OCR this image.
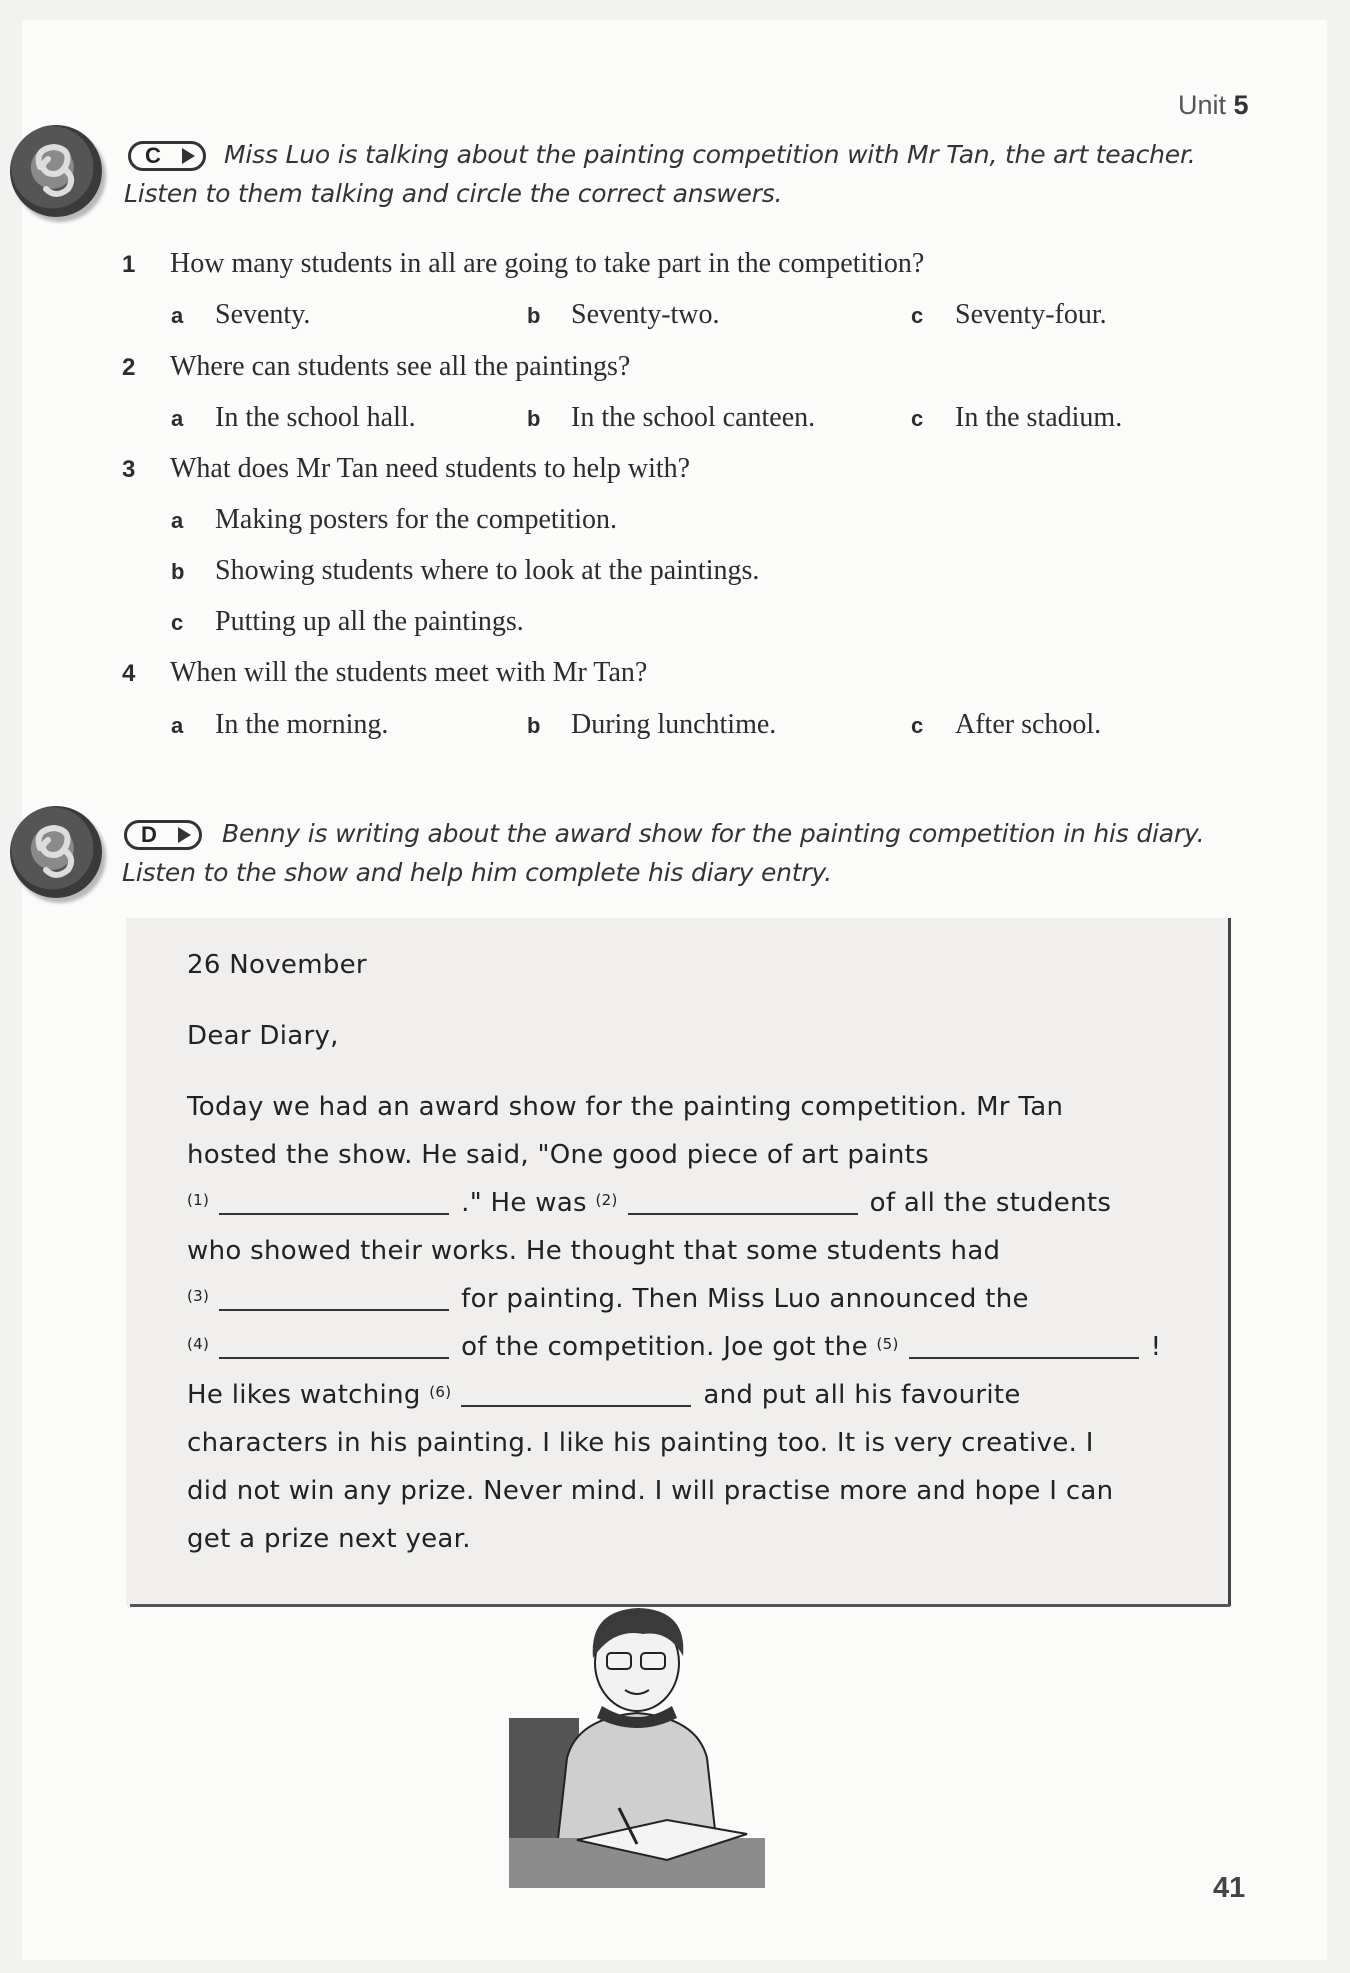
Unit 5
C	Miss Luo is talking about the painting competition with Mr Tan, the art teacher.
Listen to them talking and circle the correct answers.
1 How many students in all are going to take part in the competition?
a Seventy.	b Seventy-two.	c Seventy-four.
2 Where can students see all the paintings?
a In the school hall.	b In the school canteen.	c In the stadium.
3 What does Mr Tan need students to help with?
a Making posters for the competition.
b Showing students where to look at the paintings.
c Putting up all the paintings.
4 When will the students meet with Mr Tan?
a In the morning.	b During lunchtime.	c After school.
D	Benny is writing about the award show for the painting competition in his diary.
Listen to the show and help him complete his diary entry.
26 November
Dear Diary,
Today we had an award show for the painting competition. Mr Tan
hosted the show. He said, "One good piece of art paints
$^{(1)}$	." He was $^{(2)}$	of all the students
who showed their works. He thought that some students had
$^{(3)}$	for painting. Then Miss Luo announced the
$^{(4)}$	of the competition. Joe got the $^{(5)}$	!
He likes watching $^{(6)}$	and put all his favourite
characters in his painting. I like his painting too. It is very creative. I
did not win any prize. Never mind. I will practise more and hope I can
get a prize next year.
41
